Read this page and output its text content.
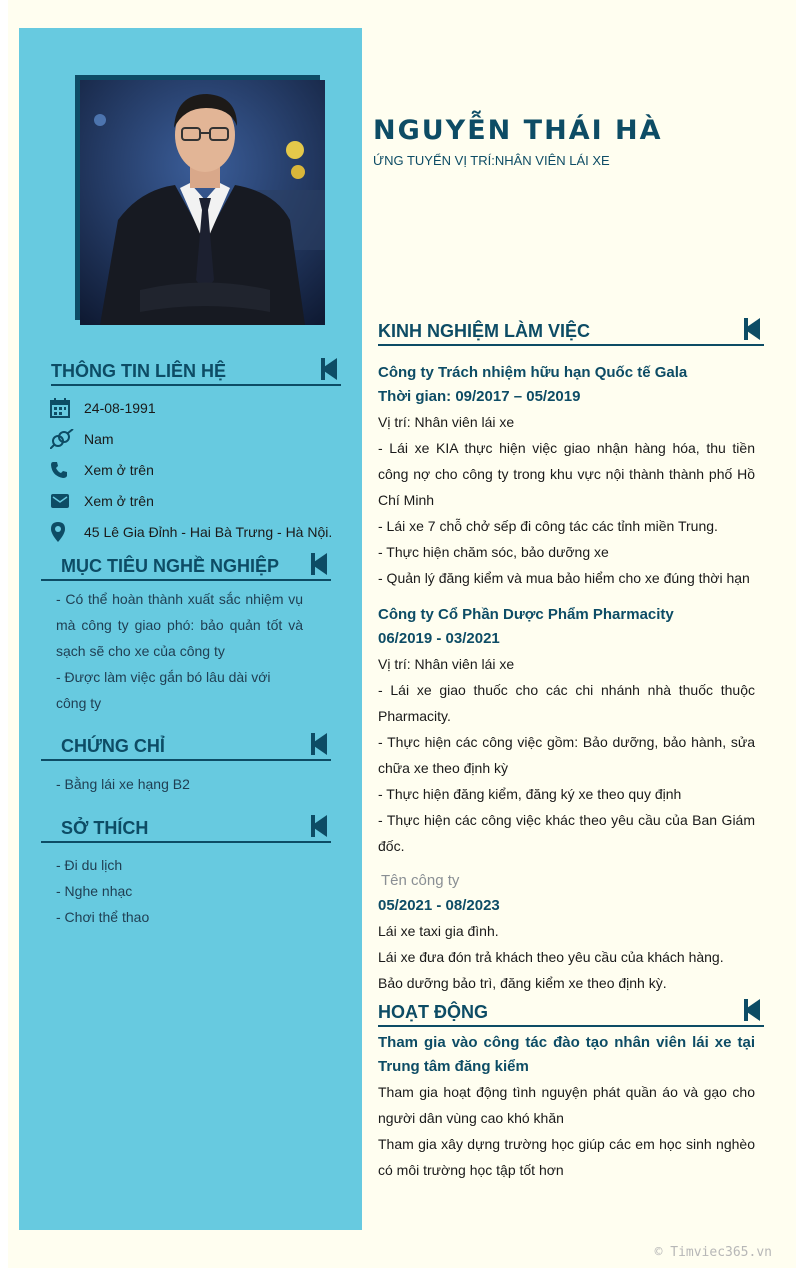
NGUYỄN THÁI HÀ
ỨNG TUYỂN VỊ TRÍ:NHÂN VIÊN LÁI XE
THÔNG TIN LIÊN HỆ
24-08-1991
Nam
Xem ở trên
Xem ở trên
45 Lê Gia Đỉnh - Hai Bà Trưng - Hà Nội.
MỤC TIÊU NGHỀ NGHIỆP
- Có thể hoàn thành xuất sắc nhiệm vụ mà công ty giao phó: bảo quản tốt và sạch sẽ cho xe của công ty
- Được làm việc gắn bó lâu dài với công ty
CHỨNG CHỈ
- Bằng lái xe hạng B2
SỞ THÍCH
- Đi du lịch
- Nghe nhạc
- Chơi thể thao
KINH NGHIỆM LÀM VIỆC
Công ty Trách nhiệm hữu hạn Quốc tế Gala
Thời gian: 09/2017 – 05/2019
Vị trí: Nhân viên lái xe
- Lái xe KIA thực hiện việc giao nhận hàng hóa, thu tiền công nợ cho công ty trong khu vực nội thành thành phố Hồ Chí Minh
- Lái xe 7 chỗ chở sếp đi công tác các tỉnh miền Trung.
- Thực hiện chăm sóc, bảo dưỡng xe
- Quản lý đăng kiểm và mua bảo hiểm cho xe đúng thời hạn
Công ty Cổ Phần Dược Phẩm Pharmacity
06/2019 - 03/2021
Vị trí: Nhân viên lái xe
- Lái xe giao thuốc cho các chi nhánh nhà thuốc thuộc Pharmacity.
- Thực hiện các công việc gồm: Bảo dưỡng, bảo hành, sửa chữa xe theo định kỳ
- Thực hiện đăng kiểm, đăng ký xe theo quy định
- Thực hiện các công việc khác theo yêu cầu của Ban Giám đốc.
Tên công ty
05/2021 - 08/2023
Lái xe taxi gia đình.
Lái xe đưa đón trả khách theo yêu cầu của khách hàng.
Bảo dưỡng bảo trì, đăng kiểm xe theo định kỳ.
HOẠT ĐỘNG
Tham gia vào công tác đào tạo nhân viên lái xe tại Trung tâm đăng kiểm
Tham gia hoạt động tình nguyện phát quần áo và gạo cho người dân vùng cao khó khăn
Tham gia xây dựng trường học giúp các em học sinh nghèo có môi trường học tập tốt hơn
© Timviec365.vn
